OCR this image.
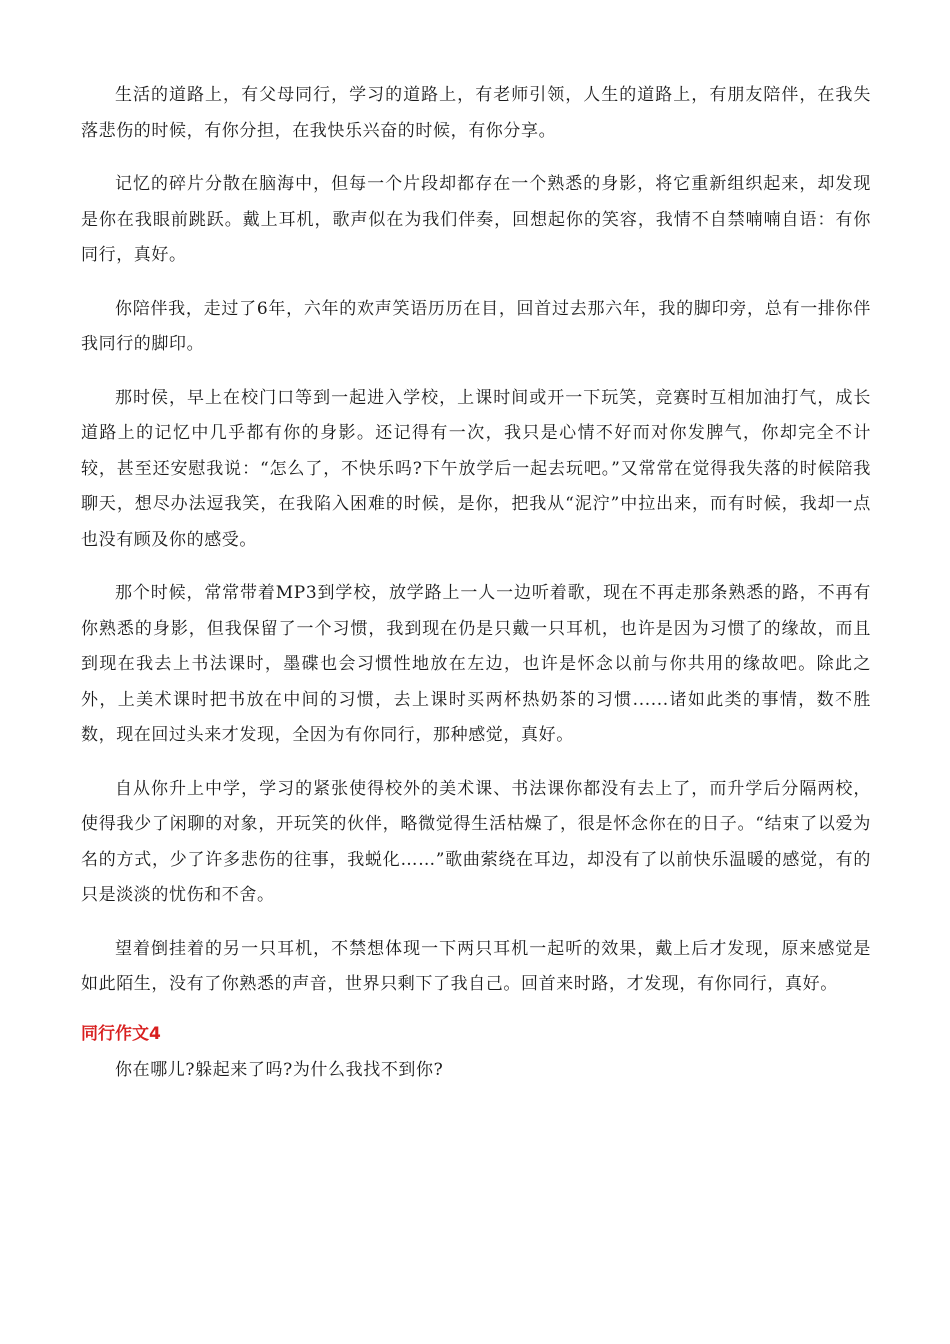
生活的道路上，有父母同行，学习的道路上，有老师引领，人生的道路上，有朋友陪伴，在我失落悲伤的时候，有你分担，在我快乐兴奋的时候，有你分享。

记忆的碎片分散在脑海中，但每一个片段却都存在一个熟悉的身影，将它重新组织起来，却发现是你在我眼前跳跃。戴上耳机，歌声似在为我们伴奏，回想起你的笑容，我情不自禁喃喃自语：有你同行，真好。

你陪伴我，走过了6年，六年的欢声笑语历历在目，回首过去那六年，我的脚印旁，总有一排你伴我同行的脚印。

那时侯，早上在校门口等到一起进入学校，上课时间或开一下玩笑，竞赛时互相加油打气，成长道路上的记忆中几乎都有你的身影。还记得有一次，我只是心情不好而对你发脾气，你却完全不计较，甚至还安慰我说：“怎么了，不快乐吗?下午放学后一起去玩吧。”又常常在觉得我失落的时候陪我聊天，想尽办法逗我笑，在我陷入困难的时候，是你，把我从“泥泞”中拉出来，而有时候，我却一点也没有顾及你的感受。

那个时候，常常带着MP3到学校，放学路上一人一边听着歌，现在不再走那条熟悉的路，不再有你熟悉的身影，但我保留了一个习惯，我到现在仍是只戴一只耳机，也许是因为习惯了的缘故，而且到现在我去上书法课时，墨碟也会习惯性地放在左边，也许是怀念以前与你共用的缘故吧。除此之外，上美术课时把书放在中间的习惯，去上课时买两杯热奶茶的习惯......诸如此类的事情，数不胜数，现在回过头来才发现，全因为有你同行，那种感觉，真好。

自从你升上中学，学习的紧张使得校外的美术课、书法课你都没有去上了，而升学后分隔两校，使得我少了闲聊的对象，开玩笑的伙伴，略微觉得生活枯燥了，很是怀念你在的日子。“结束了以爱为名的方式，少了许多悲伤的往事，我蜕化……”歌曲萦绕在耳边，却没有了以前快乐温暖的感觉，有的只是淡淡的忧伤和不舍。

望着倒挂着的另一只耳机，不禁想体现一下两只耳机一起听的效果，戴上后才发现，原来感觉是如此陌生，没有了你熟悉的声音，世界只剩下了我自己。回首来时路，才发现，有你同行，真好。

同行作文4

你在哪儿?躲起来了吗?为什么我找不到你?
